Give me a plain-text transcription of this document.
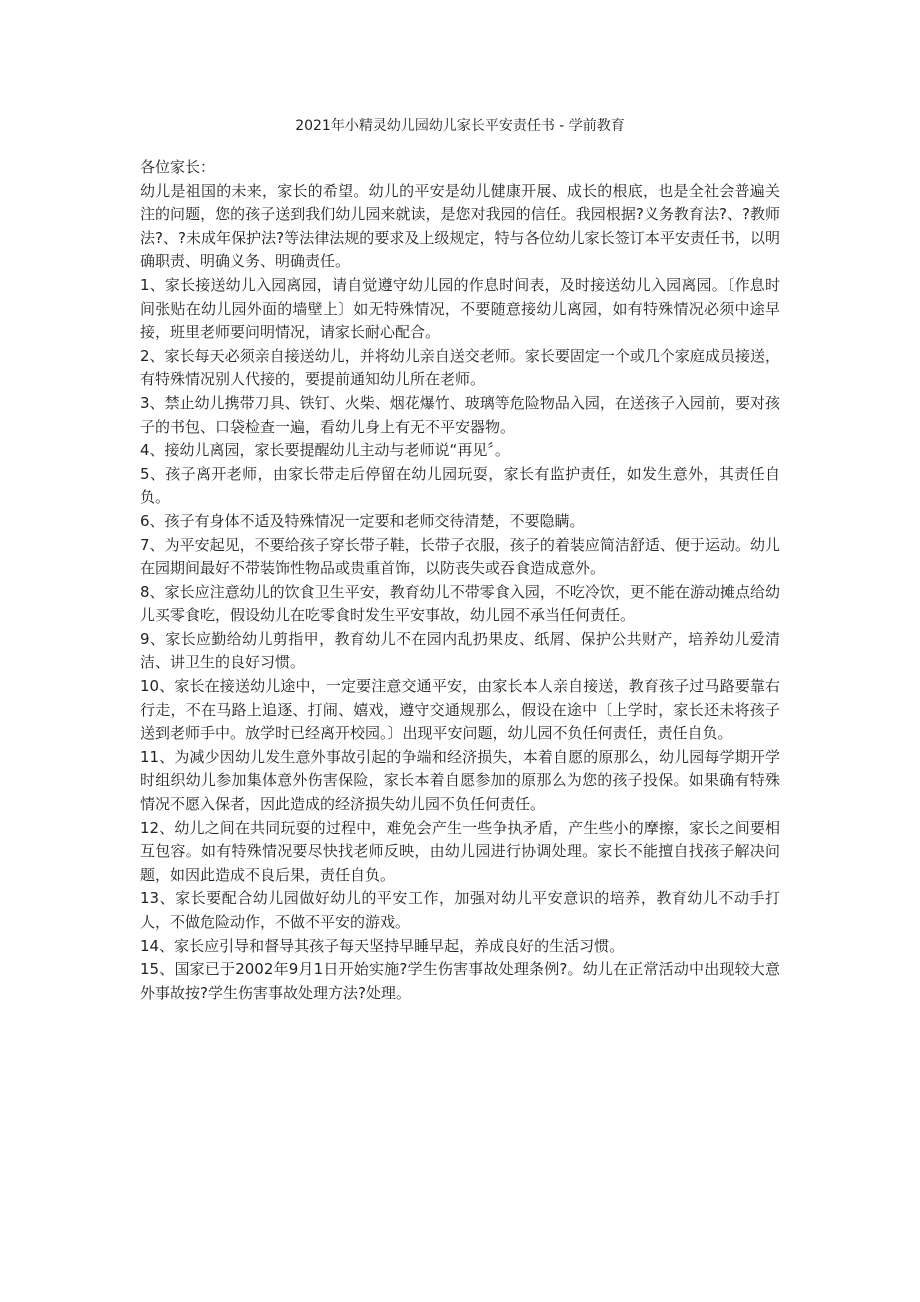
2021年小精灵幼儿园幼儿家长平安责任书 - 学前教育

各位家长：

幼儿是祖国的未来，家长的希望。幼儿的平安是幼儿健康开展、成长的根底，也是全社会普遍关注的问题，您的孩子送到我们幼儿园来就读，是您对我园的信任。我园根据?义务教育法?、?教师法?、?未成年保护法?等法律法规的要求及上级规定，特与各位幼儿家长签订本平安责任书，以明确职责、明确义务、明确责任。

1、家长接送幼儿入园离园，请自觉遵守幼儿园的作息时间表，及时接送幼儿入园离园。〔作息时间张贴在幼儿园外面的墙壁上〕如无特殊情况，不要随意接幼儿离园，如有特殊情况必须中途早接，班里老师要问明情况，请家长耐心配合。

2、家长每天必须亲自接送幼儿，并将幼儿亲自送交老师。家长要固定一个或几个家庭成员接送，有特殊情况别人代接的，要提前通知幼儿所在老师。

3、禁止幼儿携带刀具、铁钉、火柴、烟花爆竹、玻璃等危险物品入园，在送孩子入园前，要对孩子的书包、口袋检查一遍，看幼儿身上有无不平安器物。

4、接幼儿离园，家长要提醒幼儿主动与老师说“再见〞。

5、孩子离开老师，由家长带走后停留在幼儿园玩耍，家长有监护责任，如发生意外，其责任自负。

6、孩子有身体不适及特殊情况一定要和老师交待清楚，不要隐瞒。

7、为平安起见，不要给孩子穿长带子鞋，长带子衣服，孩子的着装应简洁舒适、便于运动。幼儿在园期间最好不带装饰性物品或贵重首饰，以防丧失或吞食造成意外。

8、家长应注意幼儿的饮食卫生平安，教育幼儿不带零食入园，不吃冷饮，更不能在游动摊点给幼儿买零食吃，假设幼儿在吃零食时发生平安事故，幼儿园不承当任何责任。

9、家长应勤给幼儿剪指甲，教育幼儿不在园内乱扔果皮、纸屑、保护公共财产，培养幼儿爱清洁、讲卫生的良好习惯。

10、家长在接送幼儿途中，一定要注意交通平安，由家长本人亲自接送，教育孩子过马路要靠右行走，不在马路上追逐、打闹、嬉戏，遵守交通规那么，假设在途中〔上学时，家长还未将孩子送到老师手中。放学时已经离开校园。〕出现平安问题，幼儿园不负任何责任，责任自负。

11、为减少因幼儿发生意外事故引起的争端和经济损失，本着自愿的原那么，幼儿园每学期开学时组织幼儿参加集体意外伤害保险，家长本着自愿参加的原那么为您的孩子投保。如果确有特殊情况不愿入保者，因此造成的经济损失幼儿园不负任何责任。

12、幼儿之间在共同玩耍的过程中，难免会产生一些争执矛盾，产生些小的摩擦，家长之间要相互包容。如有特殊情况要尽快找老师反映，由幼儿园进行协调处理。家长不能擅自找孩子解决问题，如因此造成不良后果，责任自负。

13、家长要配合幼儿园做好幼儿的平安工作，加强对幼儿平安意识的培养，教育幼儿不动手打人，不做危险动作，不做不平安的游戏。

14、家长应引导和督导其孩子每天坚持早睡早起，养成良好的生活习惯。

15、国家已于2002年9月1日开始实施?学生伤害事故处理条例?。幼儿在正常活动中出现较大意外事故按?学生伤害事故处理方法?处理。
